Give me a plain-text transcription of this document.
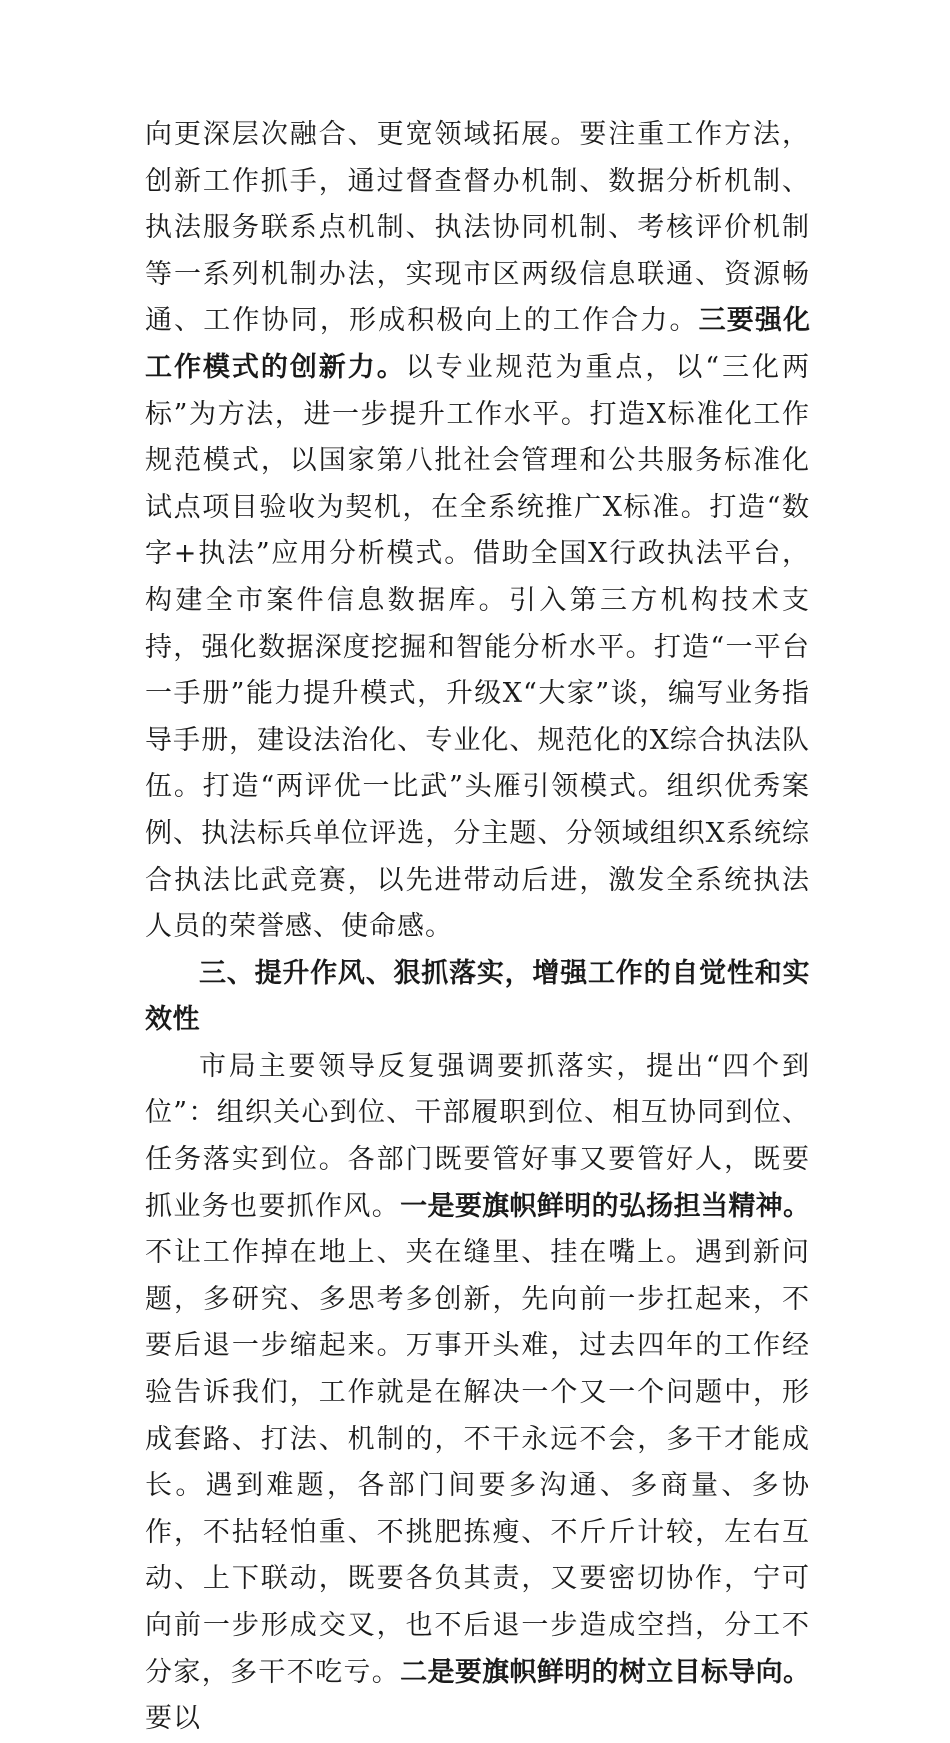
向更深层次融合、更宽领域拓展。要注重工作方法，创新工作抓手，通过督查督办机制、数据分析机制、执法服务联系点机制、执法协同机制、考核评价机制等一系列机制办法，实现市区两级信息联通、资源畅通、工作协同，形成积极向上的工作合力。三要强化工作模式的创新力。以专业规范为重点，以“三化两标”为方法，进一步提升工作水平。打造X标准化工作规范模式，以国家第八批社会管理和公共服务标准化试点项目验收为契机，在全系统推广X标准。打造“数字+执法”应用分析模式。借助全国X行政执法平台，构建全市案件信息数据库。引入第三方机构技术支持，强化数据深度挖掘和智能分析水平。打造“一平台一手册”能力提升模式，升级X“大家”谈，编写业务指导手册，建设法治化、专业化、规范化的X综合执法队伍。打造“两评优一比武”头雁引领模式。组织优秀案例、执法标兵单位评选，分主题、分领域组织X系统综合执法比武竞赛，以先进带动后进，激发全系统执法人员的荣誉感、使命感。

三、提升作风、狠抓落实，增强工作的自觉性和实效性

市局主要领导反复强调要抓落实，提出“四个到位”：组织关心到位、干部履职到位、相互协同到位、任务落实到位。各部门既要管好事又要管好人，既要抓业务也要抓作风。一是要旗帜鲜明的弘扬担当精神。不让工作掉在地上、夹在缝里、挂在嘴上。遇到新问题，多研究、多思考多创新，先向前一步扛起来，不要后退一步缩起来。万事开头难，过去四年的工作经验告诉我们，工作就是在解决一个又一个问题中，形成套路、打法、机制的，不干永远不会，多干才能成长。遇到难题，各部门间要多沟通、多商量、多协作，不拈轻怕重、不挑肥拣瘦、不斤斤计较，左右互动、上下联动，既要各负其责，又要密切协作，宁可向前一步形成交叉，也不后退一步造成空挡，分工不分家，多干不吃亏。二是要旗帜鲜明的树立目标导向。要以
